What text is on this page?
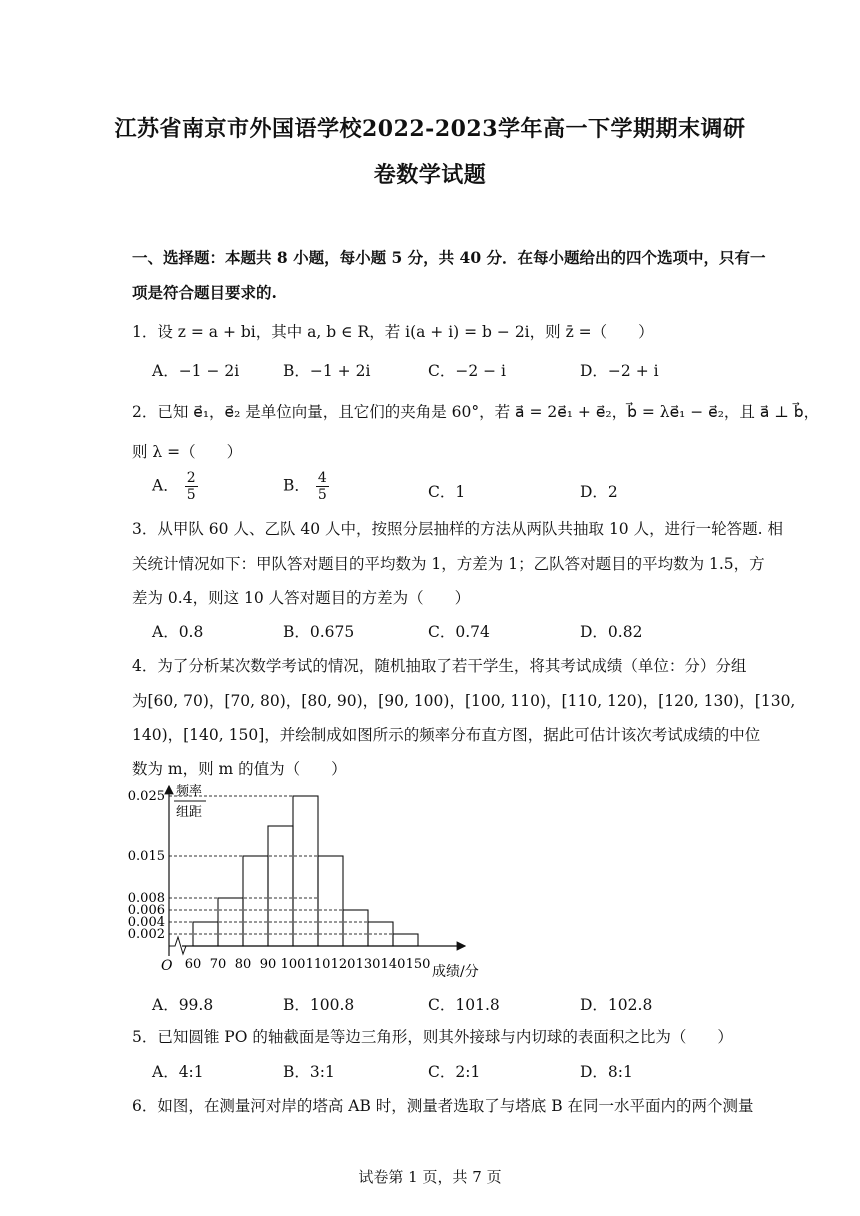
江苏省南京市外国语学校2022-2023学年高一下学期期末调研
卷数学试题
一、选择题：本题共 8 小题，每小题 5 分，共 40 分．在每小题给出的四个选项中，只有一
项是符合题目要求的.
1．设 z = a + bi，其中 a, b ∈ R，若 i(a + i) = b − 2i，则 z̄ =（　　）
A．−1 − 2i	B．−1 + 2i	C．−2 − i	D．−2 + i
2．已知 e⃗₁，e⃗₂ 是单位向量，且它们的夹角是 60°，若 a⃗ = 2e⃗₁ + e⃗₂，b⃗ = λe⃗₁ − e⃗₂，且 a⃗ ⊥ b⃗，
则 λ =（　　）
A． $\frac{2}{5}$	B． $\frac{4}{5}$	C．1	D．2
3．从甲队 60 人、乙队 40 人中，按照分层抽样的方法从两队共抽取 10 人，进行一轮答题. 相
关统计情况如下：甲队答对题目的平均数为 1，方差为 1；乙队答对题目的平均数为 1.5，方
差为 0.4，则这 10 人答对题目的方差为（　　）
A．0.8	B．0.675	C．0.74	D．0.82
4．为了分析某次数学考试的情况，随机抽取了若干学生，将其考试成绩（单位：分）分组
为[60, 70)，[70, 80)，[80, 90)，[90, 100)，[100, 110)，[110, 120)，[120, 130)，[130,
140)，[140, 150]，并绘制成如图所示的频率分布直方图，据此可估计该次考试成绩的中位
数为 m，则 m 的值为（　　）
频率
组距
O 60 70 80 90 100 110 120 130 140 150
0.025
0.015
0.008
0.006
0.004
0.002
成绩/分
A．99.8	B．100.8	C．101.8	D．102.8
5．已知圆锥 PO 的轴截面是等边三角形，则其外接球与内切球的表面积之比为（　　）
A．4:1	B．3:1	C．2:1	D．8:1
6．如图，在测量河对岸的塔高 AB 时，测量者选取了与塔底 B 在同一水平面内的两个测量
试卷第 1 页，共 7 页
